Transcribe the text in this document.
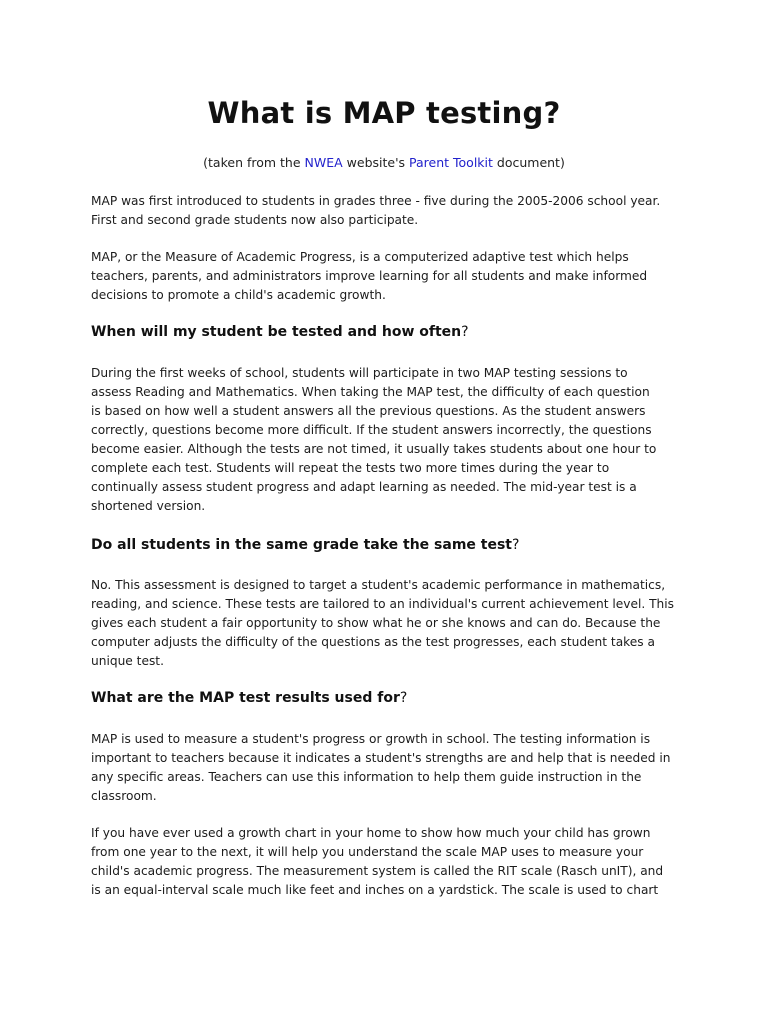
What is MAP testing?

(taken from the NWEA website's Parent Toolkit document)

MAP was first introduced to students in grades three - five during the 2005-2006 school year.
First and second grade students now also participate.

MAP, or the Measure of Academic Progress, is a computerized adaptive test which helps
teachers, parents, and administrators improve learning for all students and make informed
decisions to promote a child's academic growth.

When will my student be tested and how often?

During the first weeks of school, students will participate in two MAP testing sessions to
assess Reading and Mathematics. When taking the MAP test, the difficulty of each question
is based on how well a student answers all the previous questions. As the student answers
correctly, questions become more difficult. If the student answers incorrectly, the questions
become easier. Although the tests are not timed, it usually takes students about one hour to
complete each test. Students will repeat the tests two more times during the year to
continually assess student progress and adapt learning as needed. The mid-year test is a
shortened version.

Do all students in the same grade take the same test?

No. This assessment is designed to target a student's academic performance in mathematics,
reading, and science. These tests are tailored to an individual's current achievement level. This
gives each student a fair opportunity to show what he or she knows and can do. Because the
computer adjusts the difficulty of the questions as the test progresses, each student takes a
unique test.

What are the MAP test results used for?

MAP is used to measure a student's progress or growth in school. The testing information is
important to teachers because it indicates a student's strengths are and help that is needed in
any specific areas. Teachers can use this information to help them guide instruction in the
classroom.

If you have ever used a growth chart in your home to show how much your child has grown
from one year to the next, it will help you understand the scale MAP uses to measure your
child's academic progress. The measurement system is called the RIT scale (Rasch unIT), and
is an equal-interval scale much like feet and inches on a yardstick. The scale is used to chart
